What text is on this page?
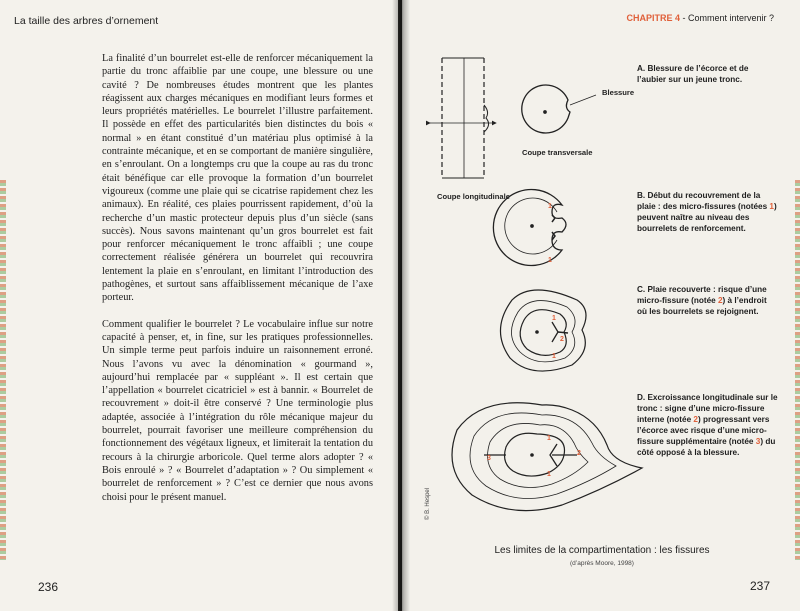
La taille des arbres d’ornement

La finalité d’un bourrelet est-elle de renforcer mécaniquement la partie du tronc affaiblie par une coupe, une blessure ou une cavité ? De nombreuses études montrent que les plantes réagissent aux charges mécaniques en modifiant leurs formes et leurs propriétés matérielles. Le bourrelet l’illustre parfaitement. Il possède en effet des particularités bien distinctes du bois « normal » en étant constitué d’un matériau plus optimisé à la contrainte mécanique, et en se comportant de manière singulière, en s’enroulant. On a longtemps cru que la coupe au ras du tronc était bénéfique car elle provoque la formation d’un bourrelet vigoureux (comme une plaie qui se cicatrise rapidement chez les animaux). En réalité, ces plaies pourrissent rapidement, d’où la recherche d’un mastic protecteur depuis plus d’un siècle (sans succès). Nous savons maintenant qu’un gros bourrelet est fait pour renforcer mécaniquement le tronc affaibli ; une coupe correctement réalisée générera un bourrelet qui recouvrira lentement la plaie en s’enroulant, en limitant l’introduction des pathogènes, et surtout sans affaiblissement mécanique de l’axe porteur.

Comment qualifier le bourrelet ? Le vocabulaire influe sur notre capacité à penser, et, in fine, sur les pratiques professionnelles. Un simple terme peut parfois induire un raisonnement erroné. Nous l’avons vu avec la dénomination « gourmand », aujourd’hui remplacée par « suppléant ». Il est certain que l’appellation « bourrelet cicatriciel » est à bannir. « Bourrelet de recouvrement » doit-il être conservé ? Une terminologie plus adaptée, associée à l’intégration du rôle mécanique majeur du bourrelet, pourrait favoriser une meilleure compréhension du fonctionnement des végétaux ligneux, et limiterait la tentation du recours à la chirurgie arboricole. Quel terme alors adopter ? « Bois enroulé » ? « Bourrelet d’adaptation » ? Ou simplement « bourrelet de renforcement » ? C’est ce dernier que nous avons choisi pour le présent manuel.

236
CHAPITRE 4 - Comment intervenir ?
1
1
1
2
1
1
2
3
1
Blessure
Coupe transversale
Coupe longitudinale
A. Blessure de l’écorce et de l’aubier sur un jeune tronc.
B. Début du recouvrement de la plaie : des micro-fissures (notées 1) peuvent naître au niveau des bourrelets de renforcement.
C. Plaie recouverte : risque d’une micro-fissure (notée 2) à l’endroit où les bourrelets se rejoignent.
D. Excroissance longitudinale sur le tronc : signe d’une micro-fissure interne (notée 2) progressant vers l’écorce avec risque d’une micro-fissure supplémentaire (notée 3) du côté opposé à la blessure.
© B. Hespel
Les limites de la compartimentation : les fissures
(d’après Moore, 1998)
237
